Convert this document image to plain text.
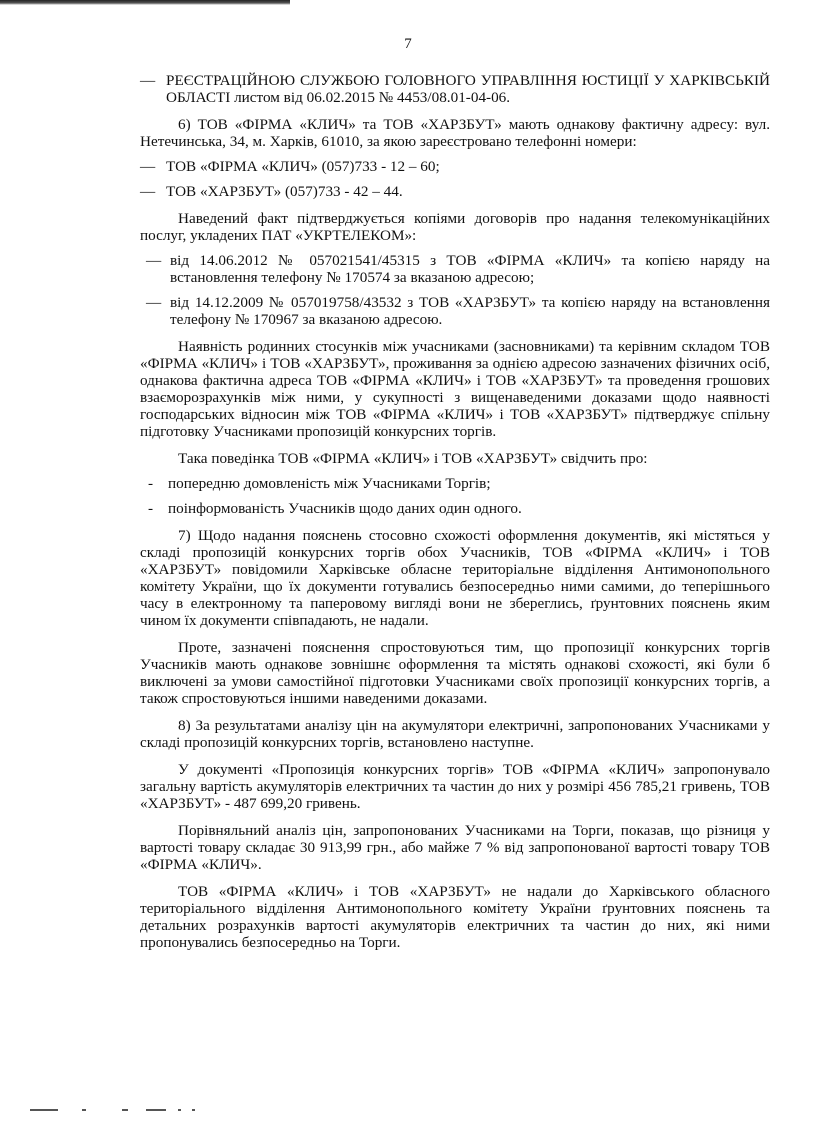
7
— РЕЄСТРАЦІЙНОЮ СЛУЖБОЮ ГОЛОВНОГО УПРАВЛІННЯ ЮСТИЦІЇ У ХАРКІВСЬКІЙ ОБЛАСТІ листом від 06.02.2015 № 4453/08.01-04-06.

6) ТОВ «ФІРМА «КЛИЧ» та ТОВ «ХАРЗБУТ» мають однакову фактичну адресу: вул. Нетечинська, 34, м. Харків, 61010, за якою зареєстровано телефонні номери:

— ТОВ «ФІРМА «КЛИЧ» (057)733 - 12 – 60;

— ТОВ «ХАРЗБУТ» (057)733 - 42 – 44.

Наведений факт підтверджується копіями договорів про надання телекомунікаційних послуг, укладених ПАТ «УКРТЕЛЕКОМ»:

— від 14.06.2012 № 057021541/45315 з ТОВ «ФІРМА «КЛИЧ» та копією наряду на встановлення телефону № 170574 за вказаною адресою;

— від 14.12.2009 № 057019758/43532 з ТОВ «ХАРЗБУТ» та копією наряду на встановлення телефону № 170967 за вказаною адресою.

Наявність родинних стосунків між учасниками (засновниками) та керівним складом ТОВ «ФІРМА «КЛИЧ» і ТОВ «ХАРЗБУТ», проживання за однією адресою зазначених фізичних осіб, однакова фактична адреса ТОВ «ФІРМА «КЛИЧ» і ТОВ «ХАРЗБУТ» та проведення грошових взаєморозрахунків між ними, у сукупності з вищенаведеними доказами щодо наявності господарських відносин між ТОВ «ФІРМА «КЛИЧ» і ТОВ «ХАРЗБУТ» підтверджує спільну підготовку Учасниками пропозицій конкурсних торгів.

Така поведінка ТОВ «ФІРМА «КЛИЧ» і ТОВ «ХАРЗБУТ» свідчить про:

- попередню домовленість між Учасниками Торгів;

- поінформованість Учасників щодо даних один одного.

7) Щодо надання пояснень стосовно схожості оформлення документів, які містяться у складі пропозицій конкурсних торгів обох Учасників, ТОВ «ФІРМА «КЛИЧ» і ТОВ «ХАРЗБУТ» повідомили Харківське обласне територіальне відділення Антимонопольного комітету України, що їх документи готувались безпосередньо ними самими, до теперішнього часу в електронному та паперовому вигляді вони не збереглись, ґрунтовних пояснень яким чином їх документи співпадають, не надали.

Проте, зазначені пояснення спростовуються тим, що пропозиції конкурсних торгів Учасників мають однакове зовнішнє оформлення та містять однакові схожості, які були б виключені за умови самостійної підготовки Учасниками своїх пропозиції конкурсних торгів, а також спростовуються іншими наведеними доказами.

8) За результатами аналізу цін на акумулятори електричні, запропонованих Учасниками у складі пропозицій конкурсних торгів, встановлено наступне.

У документі «Пропозиція конкурсних торгів» ТОВ «ФІРМА «КЛИЧ» запропонувало загальну вартість акумуляторів електричних та частин до них у розмірі 456 785,21 гривень, ТОВ «ХАРЗБУТ» - 487 699,20 гривень.

Порівняльний аналіз цін, запропонованих Учасниками на Торги, показав, що різниця у вартості товару складає 30 913,99 грн., або майже 7 % від запропонованої вартості товару ТОВ «ФІРМА «КЛИЧ».

ТОВ «ФІРМА «КЛИЧ» і ТОВ «ХАРЗБУТ» не надали до Харківського обласного територіального відділення Антимонопольного комітету України ґрунтовних пояснень та детальних розрахунків вартості акумуляторів електричних та частин до них, які ними пропонувались безпосередньо на Торги.
